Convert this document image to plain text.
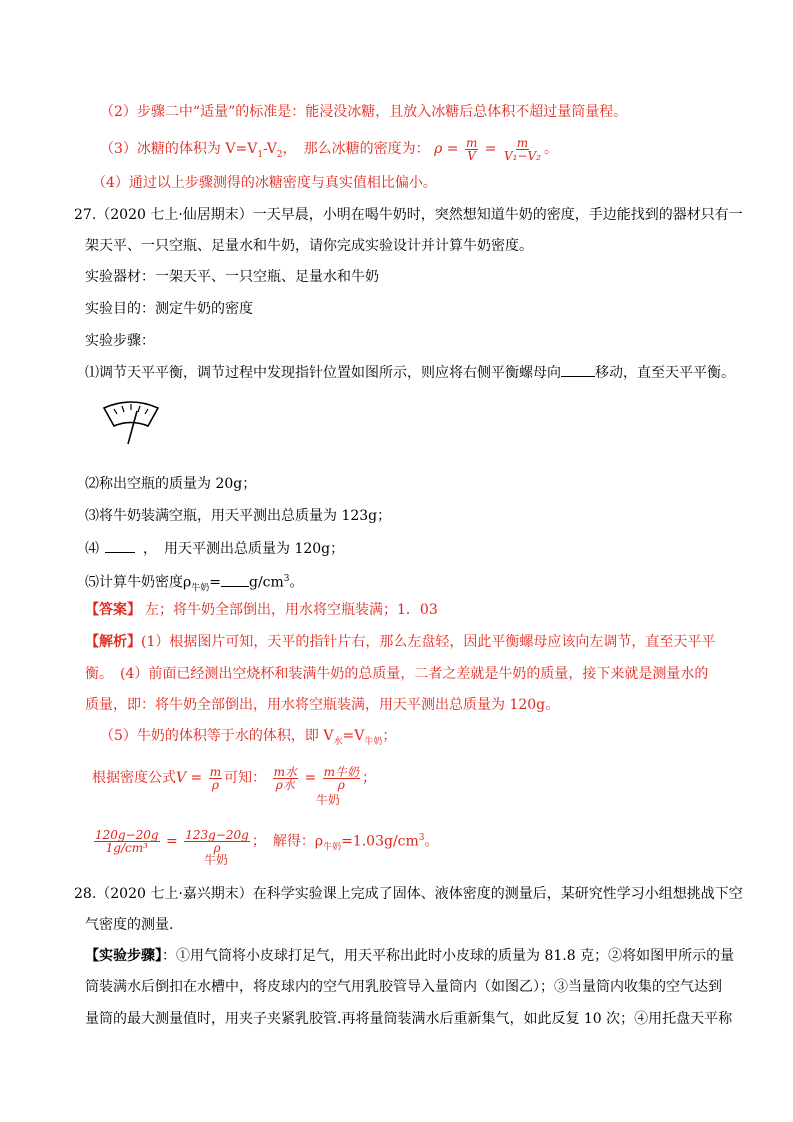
（2）步骤二中“适量”的标准是：能浸没冰糖，且放入冰糖后总体积不超过量筒量程。
（3）冰糖的体积为 $V=V_1-V_2$，　那么冰糖的密度为： $\rho = \frac{m}{V} = \frac{m}{\text{V₁−V₂}}$ 。
（4）通过以上步骤测得的冰糖密度与真实值相比偏小。
27.（2020 七上·仙居期末）一天早晨，小明在喝牛奶时，突然想知道牛奶的密度，手边能找到的器材只有一
架天平、一只空瓶、足量水和牛奶，请你完成实验设计并计算牛奶密度。
实验器材：一架天平、一只空瓶、足量水和牛奶
实验目的：测定牛奶的密度
实验步骤：
⑴调节天平平衡，调节过程中发现指针位置如图所示，则应将右侧平衡螺母向 移动，直至天平平衡。
⑵称出空瓶的质量为 20g；
⑶将牛奶装满空瓶，用天平测出总质量为 123g；
⑷	，　用天平测出总质量为 120g；
⑸计算牛奶密度$\rho_{牛奶}= g/cm^3$。
【答案】 左；将牛奶全部倒出，用水将空瓶装满；1．03
【解析】(1）根据图片可知，天平的指针片右，那么左盘轻，因此平衡螺母应该向左调节，直至天平平
衡。　(4）前面已经测出空烧杯和装满牛奶的总质量，二者之差就是牛奶的质量，接下来就是测量水的
质量，即：将牛奶全部倒出，用水将空瓶装满，用天平测出总质量为 120g。
（5）牛奶的体积等于水的体积，即 $V_水=V_{牛奶}$；
根据密度公式$V = \frac{m}{\rho}$ 可知： $\frac{\text{m水}}{\text{ρ水}} = \frac{\text{m牛奶}}{\rho}$ ；
牛奶
$\frac{120g-20g}{\text{1g/cm³}} = \frac{123g-20g}{\rho}$ ；　解得：$\rho_{牛奶}=1.03g/cm^3$。
牛奶
28.（2020 七上·嘉兴期末）在科学实验课上完成了固体、液体密度的测量后，某研究性学习小组想挑战下空
气密度的测量.
【实验步骤】：①用气筒将小皮球打足气，用天平称出此时小皮球的质量为 81.8 克；②将如图甲所示的量
筒装满水后倒扣在水槽中，将皮球内的空气用乳胶管导入量筒内（如图乙）；③当量筒内收集的空气达到
量筒的最大测量值时，用夹子夹紧乳胶管.再将量筒装满水后重新集气，如此反复 10 次；④用托盘天平称
